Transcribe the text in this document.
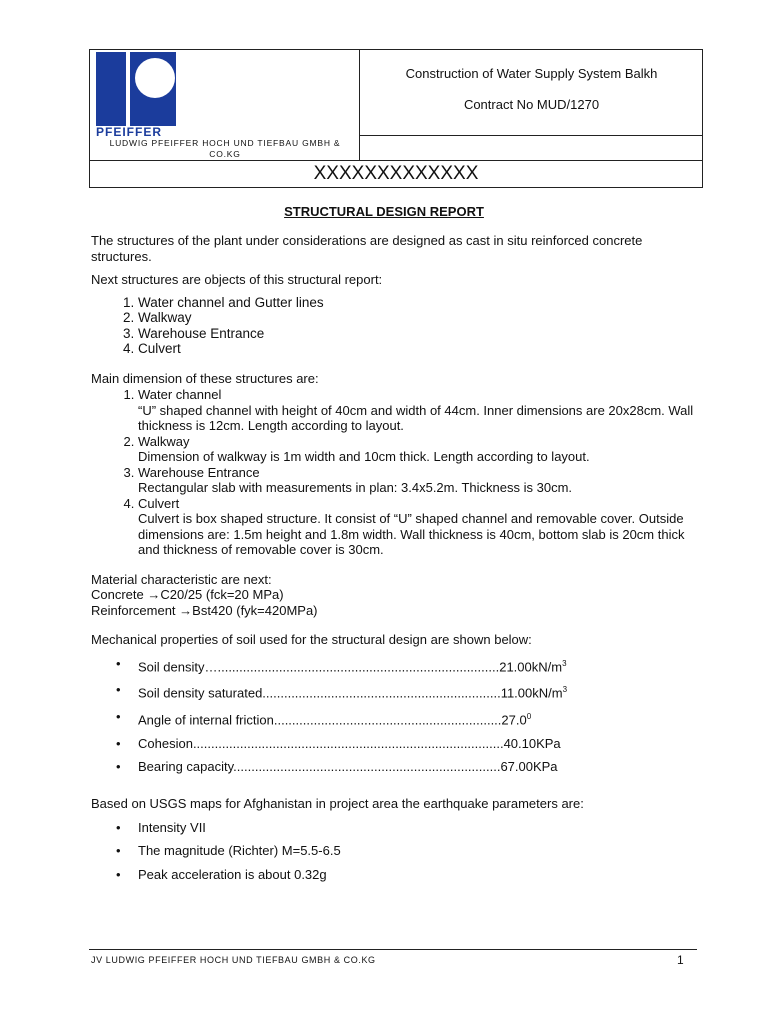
PFEIFFER
LUDWIG PFEIFFER HOCH UND TIEFBAU GMBH & CO.KG
Construction of Water Supply System Balkh
Contract No MUD/1270
XXXXXXXXXXXXX
STRUCTURAL DESIGN REPORT

The structures of the plant under considerations are designed as cast in situ reinforced concrete structures.

Next structures are objects of this structural report:

1. Water channel and Gutter lines
2. Walkway
3. Warehouse Entrance
4. Culvert

Main dimension of these structures are:

1. Water channel
“U” shaped channel with height of 40cm and width of 44cm. Inner dimensions are 20x28cm. Wall thickness is 12cm. Length according to layout.
2. Walkway
Dimension of walkway is 1m width and 10cm thick. Length according to layout.
3. Warehouse Entrance
Rectangular slab with measurements in plan: 3.4x5.2m. Thickness is 30cm.
4. Culvert
Culvert is box shaped structure. It consist of “U” shaped channel and removable cover. Outside dimensions are: 1.5m height and 1.8m width. Wall thickness is 40cm, bottom slab is 20cm thick and thickness of removable cover is 30cm.

Material characteristic are next:

Concrete →C20/25 (fck=20 MPa)

Reinforcement →Bst420 (fyk=420MPa)

Mechanical properties of soil used for the structural design are shown below:

• Soil $density\dots..............................................................................21.00kN/m^3$
• Soil density $saturated..................................................................11.00kN/m^3$
• Angle of internal friction...............................................................27.0$^0$
• Cohesion......................................................................................40.10KPa
• Bearing capacity..........................................................................67.00KPa

Based on USGS maps for Afghanistan in project area the earthquake parameters are:

• Intensity VII
• The magnitude (Richter) M=5.5-6.5
• Peak acceleration is about 0.32g
JV LUDWIG PFEIFFER HOCH UND TIEFBAU GMBH & CO.KG	1
